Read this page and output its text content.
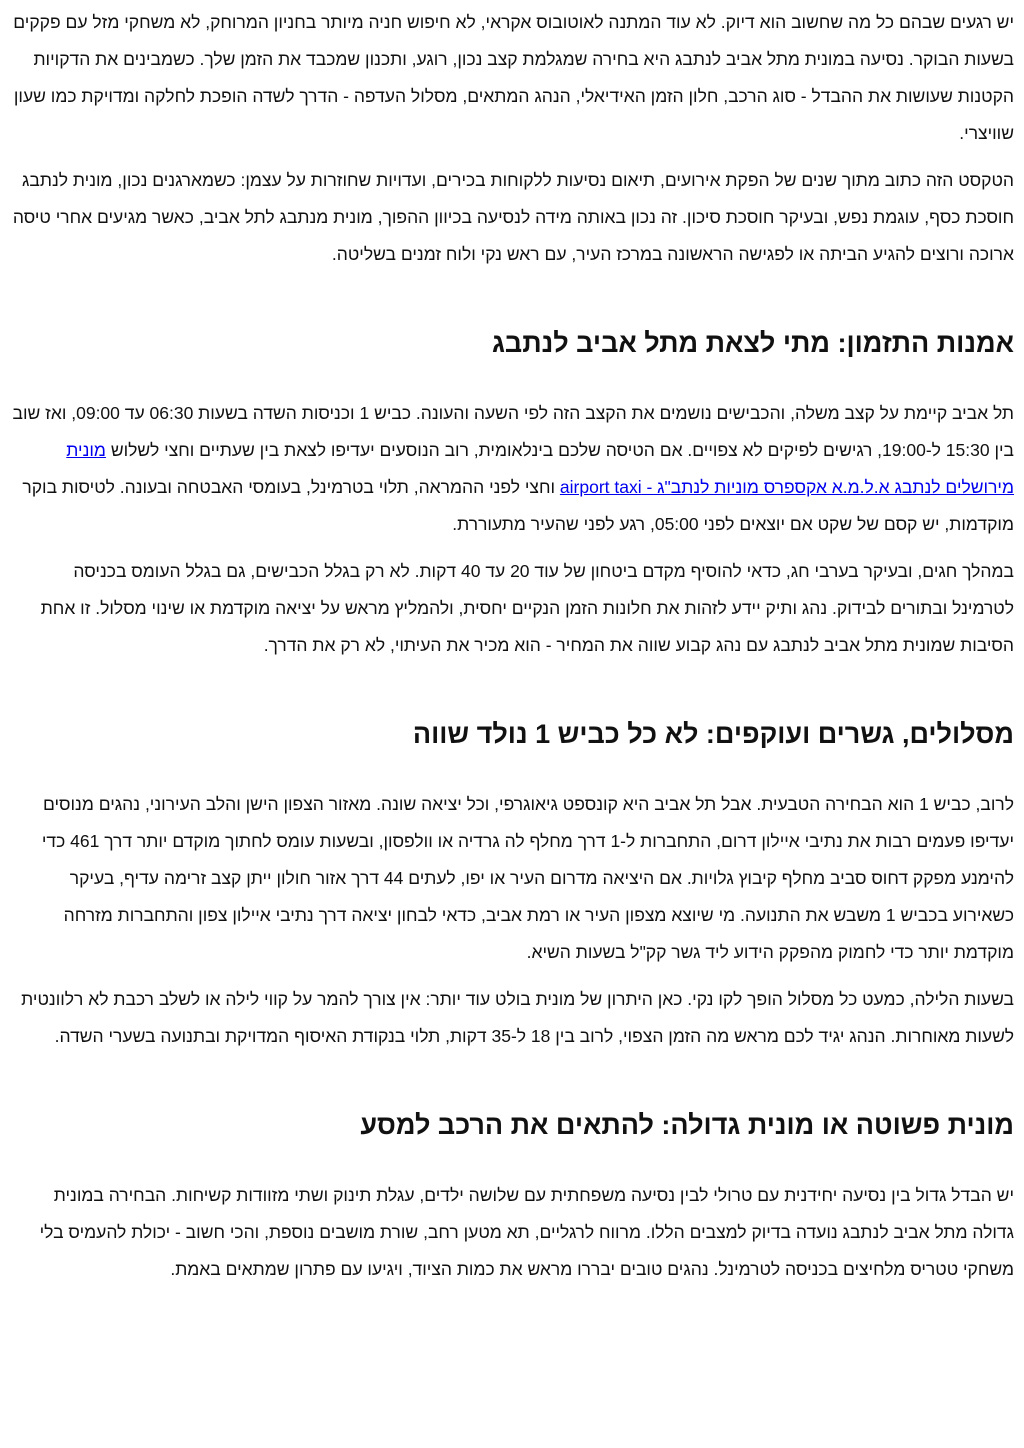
יש רגעים שבהם כל מה שחשוב הוא דיוק. לא עוד המתנה לאוטובוס אקראי, לא חיפוש חניה מיותר בחניון המרוחק, לא משחקי מזל עם פקקים בשעות הבוקר. נסיעה במונית מתל אביב לנתבג היא בחירה שמגלמת קצב נכון, רוגע, ותכנון שמכבד את הזמן שלך. כשמבינים את הדקויות הקטנות שעושות את ההבדל - סוג הרכב, חלון הזמן האידיאלי, הנהג המתאים, מסלול העדפה - הדרך לשדה הופכת לחלקה ומדויקת כמו שעון שוויצרי.

הטקסט הזה כתוב מתוך שנים של הפקת אירועים, תיאום נסיעות ללקוחות בכירים, ועדויות שחוזרות על עצמן: כשמארגנים נכון, מונית לנתבג חוסכת כסף, עוגמת נפש, ובעיקר חוסכת סיכון. זה נכון באותה מידה לנסיעה בכיוון ההפוך, מונית מנתבג לתל אביב, כאשר מגיעים אחרי טיסה ארוכה ורוצים להגיע הביתה או לפגישה הראשונה במרכז העיר, עם ראש נקי ולוח זמנים בשליטה.

אמנות התזמון: מתי לצאת מתל אביב לנתבג

תל אביב קיימת על קצב משלה, והכבישים נושמים את הקצב הזה לפי השעה והעונה. כביש 1 וכניסות השדה בשעות 06:30 עד 09:00, ואז שוב בין 15:30 ל-19:00, רגישים לפיקים לא צפויים. אם הטיסה שלכם בינלאומית, רוב הנוסעים יעדיפו לצאת בין שעתיים וחצי לשלוש מונית מירושלים לנתבג א.ל.מ.א אקספרס מוניות לנתב"ג - airport taxi וחצי לפני ההמראה, תלוי בטרמינל, בעומסי האבטחה ובעונה. לטיסות בוקר מוקדמות, יש קסם של שקט אם יוצאים לפני 05:00, רגע לפני שהעיר מתעוררת.

במהלך חגים, ובעיקר בערבי חג, כדאי להוסיף מקדם ביטחון של עוד 20 עד 40 דקות. לא רק בגלל הכבישים, גם בגלל העומס בכניסה לטרמינל ובתורים לבידוק. נהג ותיק יידע לזהות את חלונות הזמן הנקיים יחסית, ולהמליץ מראש על יציאה מוקדמת או שינוי מסלול. זו אחת הסיבות שמונית מתל אביב לנתבג עם נהג קבוע שווה את המחיר - הוא מכיר את העיתוי, לא רק את הדרך.

מסלולים, גשרים ועוקפים: לא כל כביש 1 נולד שווה

לרוב, כביש 1 הוא הבחירה הטבעית. אבל תל אביב היא קונספט גיאוגרפי, וכל יציאה שונה. מאזור הצפון הישן והלב העירוני, נהגים מנוסים יעדיפו פעמים רבות את נתיבי איילון דרום, התחברות ל-1 דרך מחלף לה גרדיה או וולפסון, ובשעות עומס לחתוך מוקדם יותר דרך 461 כדי להימנע מפקק דחוס סביב מחלף קיבוץ גלויות. אם היציאה מדרום העיר או יפו, לעתים 44 דרך אזור חולון ייתן קצב זרימה עדיף, בעיקר כשאירוע בכביש 1 משבש את התנועה. מי שיוצא מצפון העיר או רמת אביב, כדאי לבחון יציאה דרך נתיבי איילון צפון והתחברות מזרחה מוקדמת יותר כדי לחמוק מהפקק הידוע ליד גשר קק"ל בשעות השיא.

בשעות הלילה, כמעט כל מסלול הופך לקו נקי. כאן היתרון של מונית בולט עוד יותר: אין צורך להמר על קווי לילה או לשלב רכבת לא רלוונטית לשעות מאוחרות. הנהג יגיד לכם מראש מה הזמן הצפוי, לרוב בין 18 ל-35 דקות, תלוי בנקודת האיסוף המדויקת ובתנועה בשערי השדה.

מונית פשוטה או מונית גדולה: להתאים את הרכב למסע

יש הבדל גדול בין נסיעה יחידנית עם טרולי לבין נסיעה משפחתית עם שלושה ילדים, עגלת תינוק ושתי מזוודות קשיחות. הבחירה במונית גדולה מתל אביב לנתבג נועדה בדיוק למצבים הללו. מרווח לרגליים, תא מטען רחב, שורת מושבים נוספת, והכי חשוב - יכולת להעמיס בלי משחקי טטריס מלחיצים בכניסה לטרמינל. נהגים טובים יבררו מראש את כמות הציוד, ויגיעו עם פתרון שמתאים באמת.
